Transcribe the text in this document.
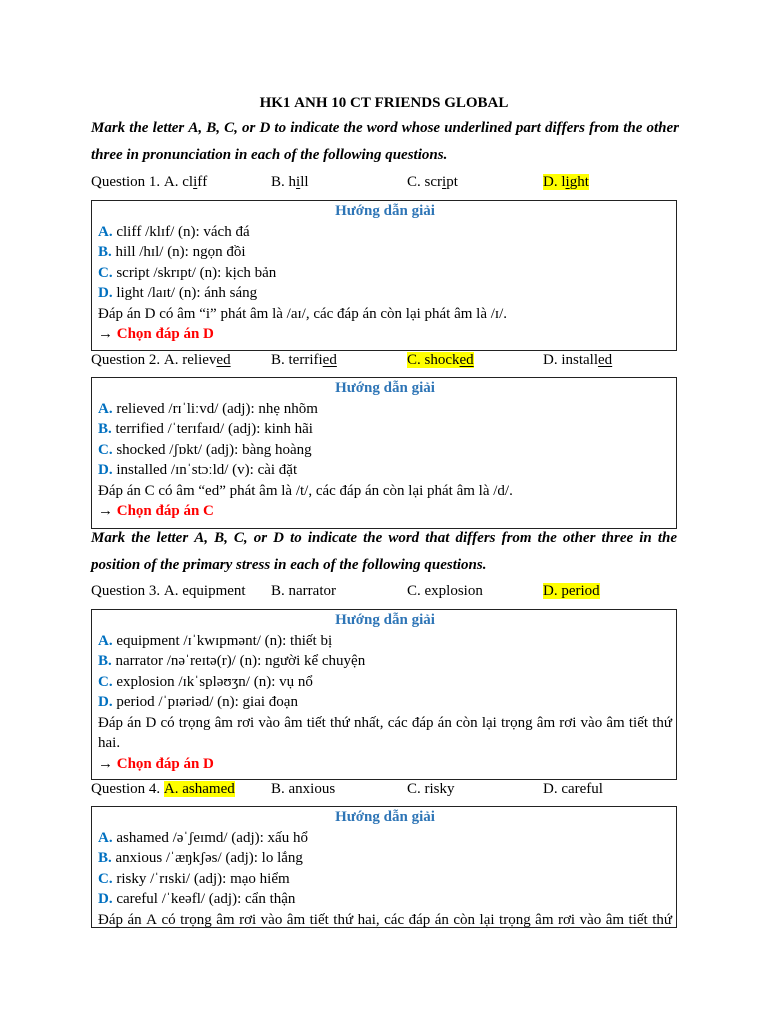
HK1 ANH 10 CT FRIENDS GLOBAL

Mark the letter A, B, C, or D to indicate the word whose underlined part differs from the other three in pronunciation in each of the following questions.

Question 1. A. cliff	B. hill	C. script	D. light
Hướng dẫn giải
A. cliff /klɪf/ (n): vách đá
B. hill /hɪl/ (n): ngọn đồi
C. script /skrɪpt/ (n): kịch bản
D. light /laɪt/ (n): ánh sáng
Đáp án D có âm “i” phát âm là /aɪ/, các đáp án còn lại phát âm là /ɪ/.
→ Chọn đáp án D
Question 2. A. relieved	B. terrified	C. shocked	D. installed
Hướng dẫn giải
A. relieved /rɪˈliːvd/ (adj): nhẹ nhõm
B. terrified /ˈterɪfaɪd/ (adj): kinh hãi
C. shocked /ʃɒkt/ (adj): bàng hoàng
D. installed /ɪnˈstɔːld/ (v): cài đặt
Đáp án C có âm “ed” phát âm là /t/, các đáp án còn lại phát âm là /d/.
→ Chọn đáp án C

Mark the letter A, B, C, or D to indicate the word that differs from the other three in the position of the primary stress in each of the following questions.

Question 3. A. equipment B. narrator	C. explosion	D. period
Hướng dẫn giải
A. equipment /ɪˈkwɪpmənt/ (n): thiết bị
B. narrator /nəˈreɪtə(r)/ (n): người kể chuyện
C. explosion /ɪkˈspləʊʒn/ (n): vụ nổ
D. period /ˈpɪəriəd/ (n): giai đoạn
Đáp án D có trọng âm rơi vào âm tiết thứ nhất, các đáp án còn lại trọng âm rơi vào âm tiết thứ hai.
→ Chọn đáp án D
Question 4. A. ashamed B. anxious	C. risky	D. careful
Hướng dẫn giải
A. ashamed /əˈʃeɪmd/ (adj): xấu hổ
B. anxious /ˈæŋkʃəs/ (adj): lo lắng
C. risky /ˈrɪski/ (adj): mạo hiểm
D. careful /ˈkeəfl/ (adj): cẩn thận
Đáp án A có trọng âm rơi vào âm tiết thứ hai, các đáp án còn lại trọng âm rơi vào âm tiết thứ
